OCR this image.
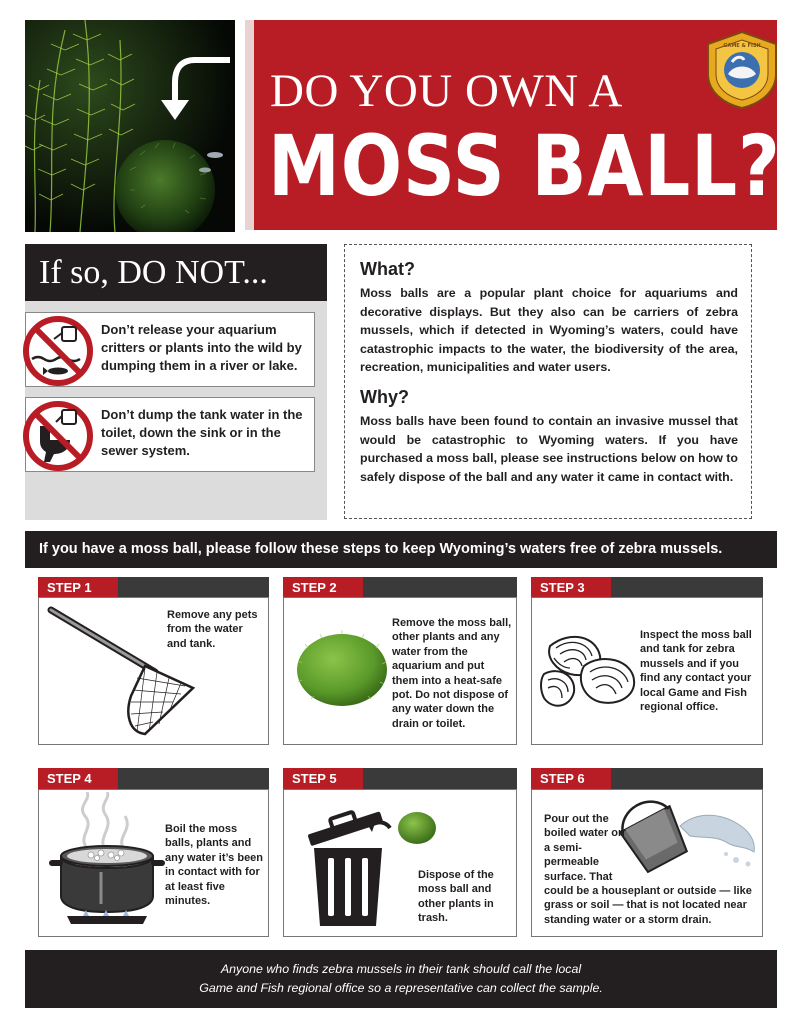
DO YOU OWN A
MOSS BALL?
GAME & FISH
If so, DO NOT...
Don’t release your aquarium critters or plants into the wild by dumping them in a river or lake.
Don’t dump the tank water in the toilet, down the sink or in the sewer system.
What?
Moss balls are a popular plant choice for aquariums and decorative displays. But they also can be carriers of zebra mussels, which if detected in Wyoming’s waters, could have catastrophic impacts to the water, the biodiversity of the area, recreation, municipalities and water users.
Why?
Moss balls have been found to contain an invasive mussel that would be catastrophic to Wyoming waters. If you have purchased a moss ball, please see instructions below on how to safely dispose of the ball and any water it came in contact with.
If you have a moss ball, please follow these steps to keep Wyoming’s waters free of zebra mussels.
STEP 1
Remove any pets from the water and tank.
STEP 2
Remove the moss ball, other plants and any water from the aquarium and put them into a heat-safe pot. Do not dispose of any water down the drain or toilet.
STEP 3
Inspect the moss ball and tank for zebra mussels and if you find any contact your local Game and Fish regional office.
STEP 4
Boil the moss balls, plants and any water it’s been in contact with for at least five minutes.
STEP 5
Dispose of the moss ball and other plants in trash.
STEP 6
Pour out the boiled water on a semi-permeable surface. That
could be a houseplant or outside — like grass or soil — that is not located near standing water or a storm drain.
Anyone who finds zebra mussels in their tank should call the local
Game and Fish regional office so a representative can collect the sample.
